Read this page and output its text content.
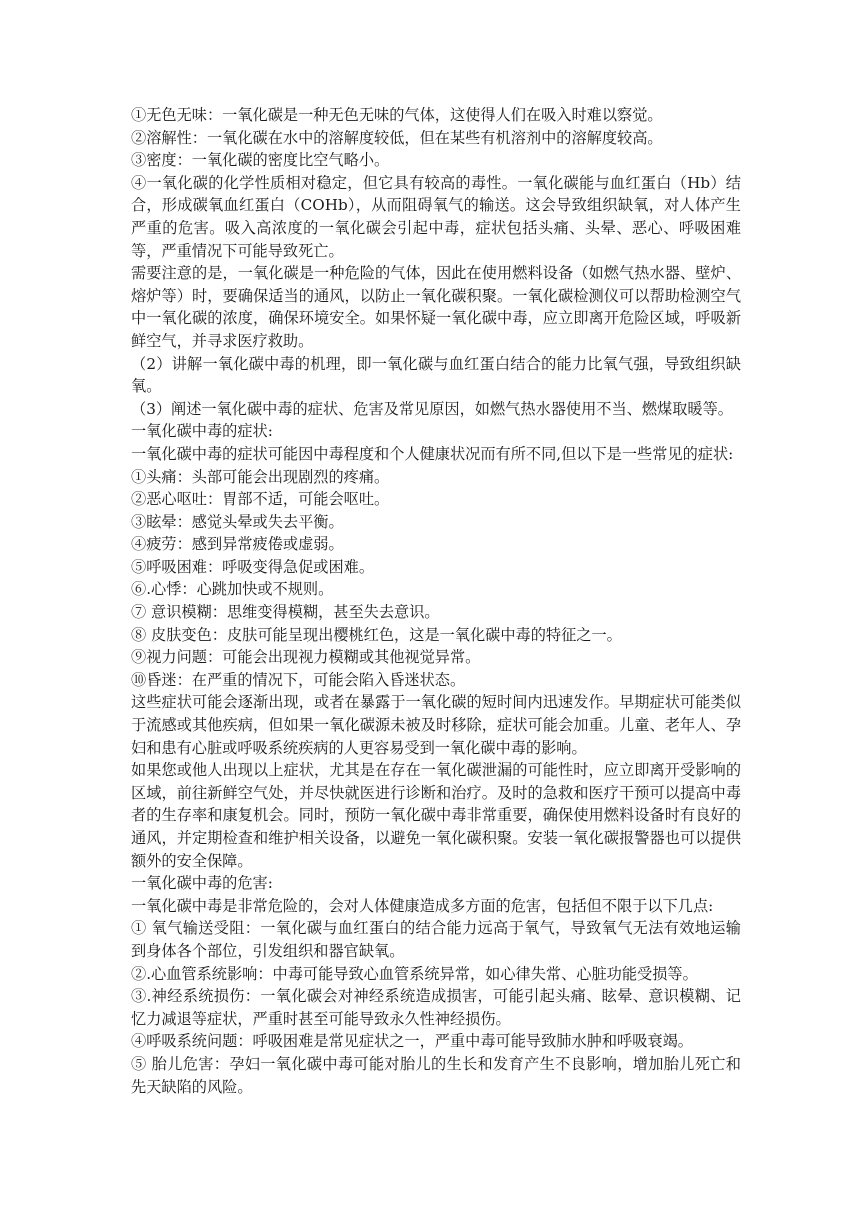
①无色无味：一氧化碳是一种无色无味的气体，这使得人们在吸入时难以察觉。

②溶解性：一氧化碳在水中的溶解度较低，但在某些有机溶剂中的溶解度较高。

③密度：一氧化碳的密度比空气略小。

④一氧化碳的化学性质相对稳定，但它具有较高的毒性。一氧化碳能与血红蛋白（Hb）结合，形成碳氧血红蛋白（COHb），从而阻碍氧气的输送。这会导致组织缺氧，对人体产生严重的危害。吸入高浓度的一氧化碳会引起中毒，症状包括头痛、头晕、恶心、呼吸困难等，严重情况下可能导致死亡。

需要注意的是，一氧化碳是一种危险的气体，因此在使用燃料设备（如燃气热水器、壁炉、熔炉等）时，要确保适当的通风，以防止一氧化碳积聚。一氧化碳检测仪可以帮助检测空气中一氧化碳的浓度，确保环境安全。如果怀疑一氧化碳中毒，应立即离开危险区域，呼吸新鲜空气，并寻求医疗救助。

（2）讲解一氧化碳中毒的机理，即一氧化碳与血红蛋白结合的能力比氧气强，导致组织缺氧。

（3）阐述一氧化碳中毒的症状、危害及常见原因，如燃气热水器使用不当、燃煤取暖等。

一氧化碳中毒的症状:

一氧化碳中毒的症状可能因中毒程度和个人健康状况而有所不同,但以下是一些常见的症状:

①头痛：头部可能会出现剧烈的疼痛。

②恶心呕吐：胃部不适，可能会呕吐。

③眩晕：感觉头晕或失去平衡。

④疲劳：感到异常疲倦或虚弱。

⑤呼吸困难：呼吸变得急促或困难。

⑥.心悸：心跳加快或不规则。

⑦ 意识模糊：思维变得模糊，甚至失去意识。

⑧ 皮肤变色：皮肤可能呈现出樱桃红色，这是一氧化碳中毒的特征之一。

⑨视力问题：可能会出现视力模糊或其他视觉异常。

⑩昏迷：在严重的情况下，可能会陷入昏迷状态。

这些症状可能会逐渐出现，或者在暴露于一氧化碳的短时间内迅速发作。早期症状可能类似于流感或其他疾病，但如果一氧化碳源未被及时移除，症状可能会加重。儿童、老年人、孕妇和患有心脏或呼吸系统疾病的人更容易受到一氧化碳中毒的影响。

如果您或他人出现以上症状，尤其是在存在一氧化碳泄漏的可能性时，应立即离开受影响的区域，前往新鲜空气处，并尽快就医进行诊断和治疗。及时的急救和医疗干预可以提高中毒者的生存率和康复机会。同时，预防一氧化碳中毒非常重要，确保使用燃料设备时有良好的通风，并定期检查和维护相关设备，以避免一氧化碳积聚。安装一氧化碳报警器也可以提供额外的安全保障。

一氧化碳中毒的危害:

一氧化碳中毒是非常危险的，会对人体健康造成多方面的危害，包括但不限于以下几点:

① 氧气输送受阻：一氧化碳与血红蛋白的结合能力远高于氧气，导致氧气无法有效地运输到身体各个部位，引发组织和器官缺氧。

②.心血管系统影响：中毒可能导致心血管系统异常，如心律失常、心脏功能受损等。

③.神经系统损伤：一氧化碳会对神经系统造成损害，可能引起头痛、眩晕、意识模糊、记忆力减退等症状，严重时甚至可能导致永久性神经损伤。

④呼吸系统问题：呼吸困难是常见症状之一，严重中毒可能导致肺水肿和呼吸衰竭。

⑤ 胎儿危害：孕妇一氧化碳中毒可能对胎儿的生长和发育产生不良影响，增加胎儿死亡和先天缺陷的风险。
